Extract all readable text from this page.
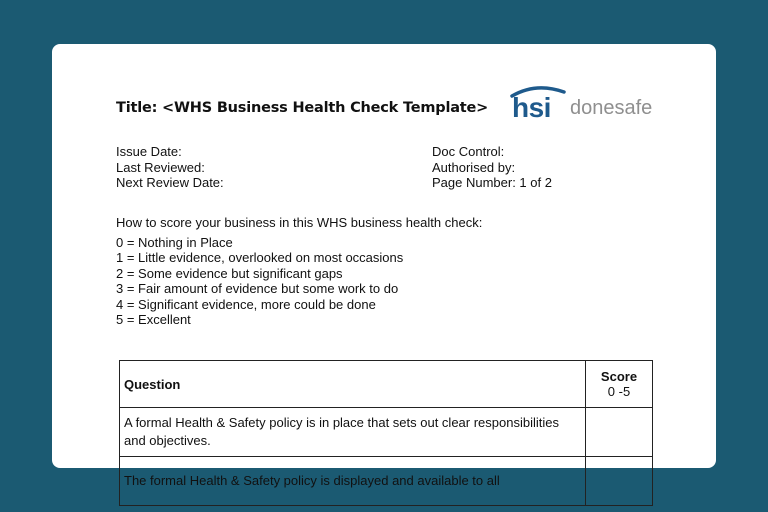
Title: <WHS Business Health Check Template> hsi donesafe
Issue Date:
Last Reviewed:
Next Review Date:
Doc Control:
Authorised by:
Page Number: 1 of 2
How to score your business in this WHS business health check:
0 = Nothing in Place
1 = Little evidence, overlooked on most occasions
2 = Some evidence but significant gaps
3 = Fair amount of evidence but some work to do
4 = Significant evidence, more could be done
5 = Excellent
Question	Score
0 -5

A formal Health & Safety policy is in place that sets out clear responsibilities and objectives.	
The formal Health & Safety policy is displayed and available to all	
